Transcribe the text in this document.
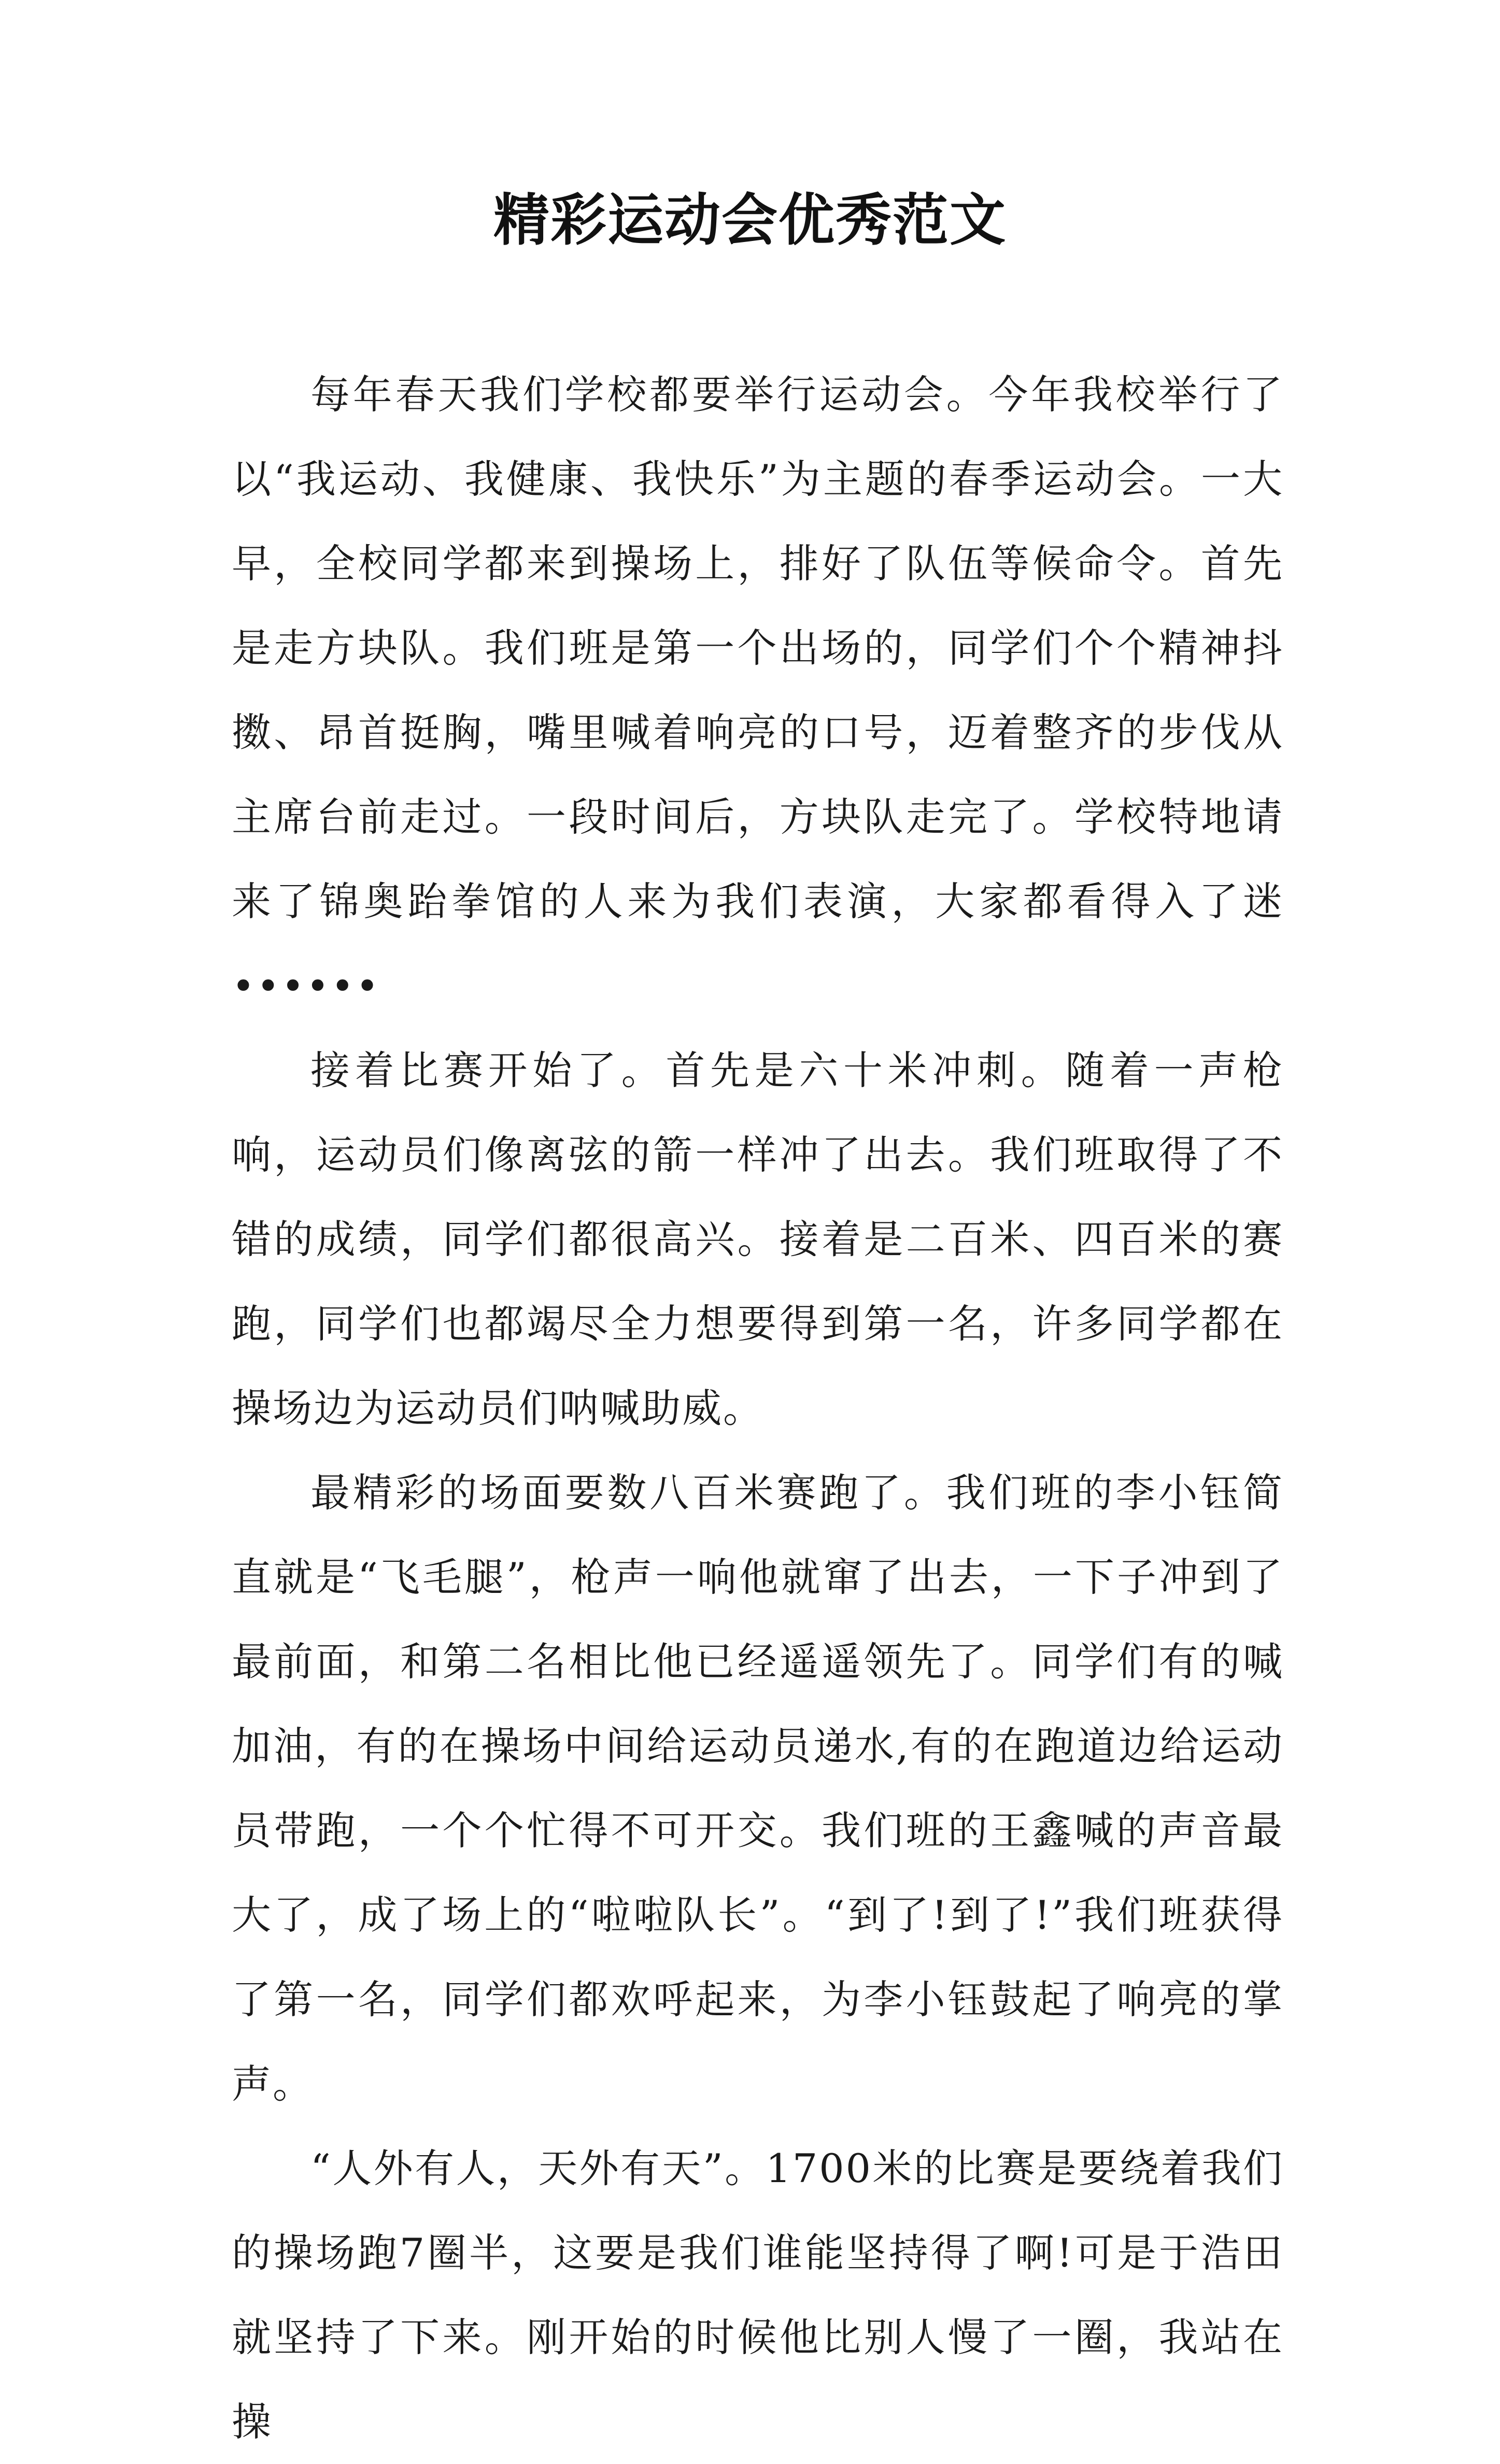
精彩运动会优秀范文

每年春天我们学校都要举行运动会。今年我校举行了以“我运动、我健康、我快乐”为主题的春季运动会。一大早，全校同学都来到操场上，排好了队伍等候命令。首先是走方块队。我们班是第一个出场的，同学们个个精神抖擞、昂首挺胸，嘴里喊着响亮的口号，迈着整齐的步伐从主席台前走过。一段时间后，方块队走完了。学校特地请来了锦奥跆拳馆的人来为我们表演，大家都看得入了迷••••••

接着比赛开始了。首先是六十米冲刺。随着一声枪响，运动员们像离弦的箭一样冲了出去。我们班取得了不错的成绩，同学们都很高兴。接着是二百米、四百米的赛跑，同学们也都竭尽全力想要得到第一名，许多同学都在操场边为运动员们呐喊助威。

最精彩的场面要数八百米赛跑了。我们班的李小钰简直就是“飞毛腿”，枪声一响他就窜了出去，一下子冲到了最前面，和第二名相比他已经遥遥领先了。同学们有的喊加油，有的在操场中间给运动员递水,有的在跑道边给运动员带跑，一个个忙得不可开交。我们班的王鑫喊的声音最大了，成了场上的“啦啦队长”。“到了!到了!”我们班获得了第一名，同学们都欢呼起来，为李小钰鼓起了响亮的掌声。

“人外有人，天外有天”。1700米的比赛是要绕着我们的操场跑7圈半，这要是我们谁能坚持得了啊!可是于浩田就坚持了下来。刚开始的时候他比别人慢了一圈，我站在操
